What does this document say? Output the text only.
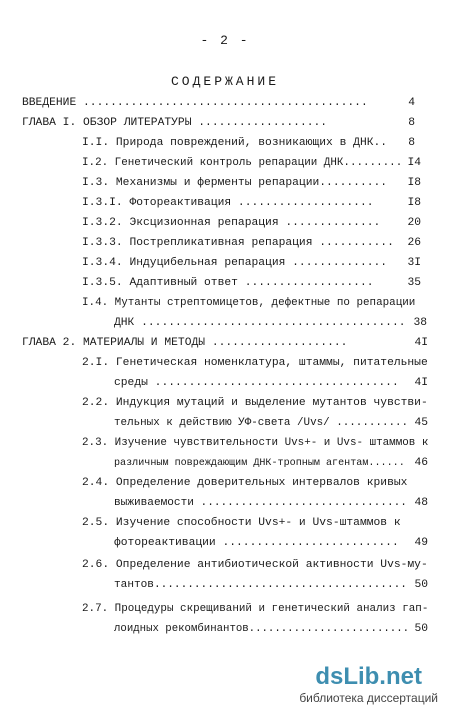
- 2 -
СОДЕРЖАНИЕ
ВВЕДЕНИЕ ..........................................	4
ГЛАВА I. ОБЗОР ЛИТЕРАТУРЫ ...................	8
I.I. Природа повреждений, возникающих в ДНК.. 8
I.2. Генетический контроль репарации ДНК......... I4
I.3. Механизмы и ферменты репарации.......... I8
I.3.I. Фотореактивация ....................	I8
I.3.2. Эксцизионная репарация .............. 20
I.3.3. Пострепликативная репарация ........... 26
I.3.4. Индуцибельная репарация .............. 3I
I.3.5. Адаптивный ответ ...................	35
I.4. Мутанты стрептомицетов, дефектные по репарации
ДНК ....................................... 38
ГЛАВА 2. МАТЕРИАЛЫ И МЕТОДЫ ....................	4I
2.I. Генетическая номенклатура, штаммы, питательные
среды .................................... 4I
2.2. Индукция мутаций и выделение мутантов чувстви-
тельных к действию УФ-света /Uvs/ ........... 45
2.3. Изучение чувствительности Uvs+- и Uvs- штаммов к
различным повреждающим ДНК-тропным агентам...... 46
2.4. Определение доверительных интервалов кривых
выживаемости ............................... 48
2.5. Изучение способности Uvs+- и Uvs-штаммов к
фотореактивации .......................... 49
2.6. Определение антибиотической активности Uvs-му-
тантов...................................... 50
2.7. Процедуры скрещиваний и генетический анализ гап-
лоидных рекомбинантов......................... 50
dsLib.net
библиотека диссертаций
